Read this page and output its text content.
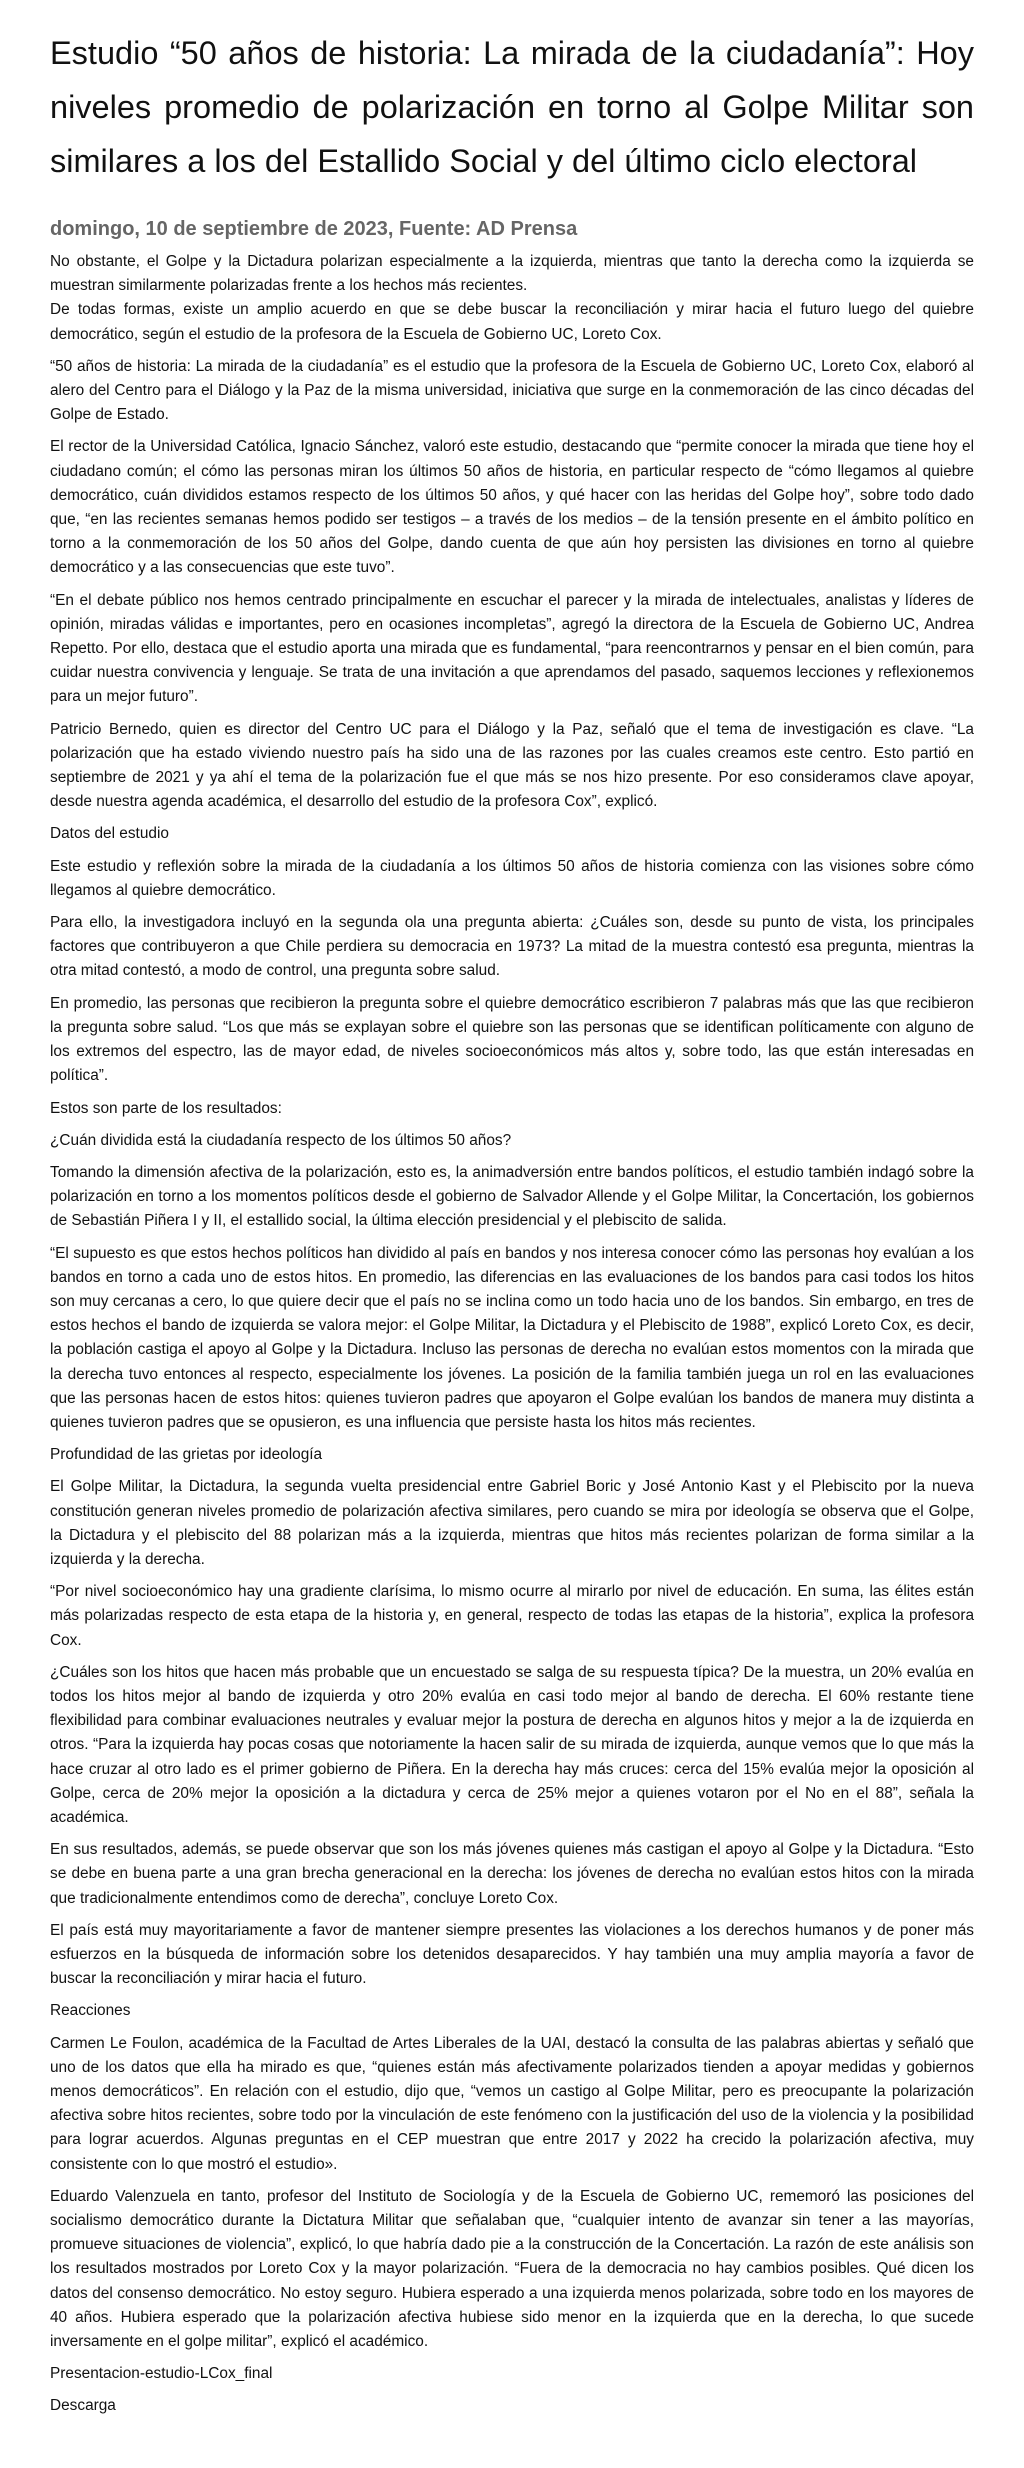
Estudio “50 años de historia: La mirada de la ciudadanía”: Hoy niveles promedio de polarización en torno al Golpe Militar son similares a los del Estallido Social y del último ciclo electoral
domingo, 10 de septiembre de 2023, Fuente: AD Prensa

No obstante, el Golpe y la Dictadura polarizan especialmente a la izquierda, mientras que tanto la derecha como la izquierda se muestran similarmente polarizadas frente a los hechos más recientes.

De todas formas, existe un amplio acuerdo en que se debe buscar la reconciliación y mirar hacia el futuro luego del quiebre democrático, según el estudio de la profesora de la Escuela de Gobierno UC, Loreto Cox.

“50 años de historia: La mirada de la ciudadanía” es el estudio que la profesora de la Escuela de Gobierno UC, Loreto Cox, elaboró al alero del Centro para el Diálogo y la Paz de la misma universidad, iniciativa que surge en la conmemoración de las cinco décadas del Golpe de Estado.

El rector de la Universidad Católica, Ignacio Sánchez, valoró este estudio, destacando que “permite conocer la mirada que tiene hoy el ciudadano común; el cómo las personas miran los últimos 50 años de historia, en particular respecto de “cómo llegamos al quiebre democrático, cuán divididos estamos respecto de los últimos 50 años, y qué hacer con las heridas del Golpe hoy”, sobre todo dado que, “en las recientes semanas hemos podido ser testigos – a través de los medios – de la tensión presente en el ámbito político en torno a la conmemoración de los 50 años del Golpe, dando cuenta de que aún hoy persisten las divisiones en torno al quiebre democrático y a las consecuencias que este tuvo”.

“En el debate público nos hemos centrado principalmente en escuchar el parecer y la mirada de intelectuales, analistas y líderes de opinión, miradas válidas e importantes, pero en ocasiones incompletas”, agregó la directora de la Escuela de Gobierno UC, Andrea Repetto. Por ello, destaca que el estudio aporta una mirada que es fundamental, “para reencontrarnos y pensar en el bien común, para cuidar nuestra convivencia y lenguaje. Se trata de una invitación a que aprendamos del pasado, saquemos lecciones y reflexionemos para un mejor futuro”.

Patricio Bernedo, quien es director del Centro UC para el Diálogo y la Paz, señaló que el tema de investigación es clave. “La polarización que ha estado viviendo nuestro país ha sido una de las razones por las cuales creamos este centro. Esto partió en septiembre de 2021 y ya ahí el tema de la polarización fue el que más se nos hizo presente. Por eso consideramos clave apoyar, desde nuestra agenda académica, el desarrollo del estudio de la profesora Cox”, explicó.

Datos del estudio

Este estudio y reflexión sobre la mirada de la ciudadanía a los últimos 50 años de historia comienza con las visiones sobre cómo llegamos al quiebre democrático.

Para ello, la investigadora incluyó en la segunda ola una pregunta abierta: ¿Cuáles son, desde su punto de vista, los principales factores que contribuyeron a que Chile perdiera su democracia en 1973? La mitad de la muestra contestó esa pregunta, mientras la otra mitad contestó, a modo de control, una pregunta sobre salud.

En promedio, las personas que recibieron la pregunta sobre el quiebre democrático escribieron 7 palabras más que las que recibieron la pregunta sobre salud. “Los que más se explayan sobre el quiebre son las personas que se identifican políticamente con alguno de los extremos del espectro, las de mayor edad, de niveles socioeconómicos más altos y, sobre todo, las que están interesadas en política”.

Estos son parte de los resultados:

¿Cuán dividida está la ciudadanía respecto de los últimos 50 años?

Tomando la dimensión afectiva de la polarización, esto es, la animadversión entre bandos políticos, el estudio también indagó sobre la polarización en torno a los momentos políticos desde el gobierno de Salvador Allende y el Golpe Militar, la Concertación, los gobiernos de Sebastián Piñera I y II, el estallido social, la última elección presidencial y el plebiscito de salida.

“El supuesto es que estos hechos políticos han dividido al país en bandos y nos interesa conocer cómo las personas hoy evalúan a los bandos en torno a cada uno de estos hitos. En promedio, las diferencias en las evaluaciones de los bandos para casi todos los hitos son muy cercanas a cero, lo que quiere decir que el país no se inclina como un todo hacia uno de los bandos. Sin embargo, en tres de estos hechos el bando de izquierda se valora mejor: el Golpe Militar, la Dictadura y el Plebiscito de 1988”, explicó Loreto Cox, es decir, la población castiga el apoyo al Golpe y la Dictadura. Incluso las personas de derecha no evalúan estos momentos con la mirada que la derecha tuvo entonces al respecto, especialmente los jóvenes. La posición de la familia también juega un rol en las evaluaciones que las personas hacen de estos hitos: quienes tuvieron padres que apoyaron el Golpe evalúan los bandos de manera muy distinta a quienes tuvieron padres que se opusieron, es una influencia que persiste hasta los hitos más recientes.

Profundidad de las grietas por ideología

El Golpe Militar, la Dictadura, la segunda vuelta presidencial entre Gabriel Boric y José Antonio Kast y el Plebiscito por la nueva constitución generan niveles promedio de polarización afectiva similares, pero cuando se mira por ideología se observa que el Golpe, la Dictadura y el plebiscito del 88 polarizan más a la izquierda, mientras que hitos más recientes polarizan de forma similar a la izquierda y la derecha.

“Por nivel socioeconómico hay una gradiente clarísima, lo mismo ocurre al mirarlo por nivel de educación. En suma, las élites están más polarizadas respecto de esta etapa de la historia y, en general, respecto de todas las etapas de la historia”, explica la profesora Cox.

¿Cuáles son los hitos que hacen más probable que un encuestado se salga de su respuesta típica? De la muestra, un 20% evalúa en todos los hitos mejor al bando de izquierda y otro 20% evalúa en casi todo mejor al bando de derecha. El 60% restante tiene flexibilidad para combinar evaluaciones neutrales y evaluar mejor la postura de derecha en algunos hitos y mejor a la de izquierda en otros. “Para la izquierda hay pocas cosas que notoriamente la hacen salir de su mirada de izquierda, aunque vemos que lo que más la hace cruzar al otro lado es el primer gobierno de Piñera. En la derecha hay más cruces: cerca del 15% evalúa mejor la oposición al Golpe, cerca de 20% mejor la oposición a la dictadura y cerca de 25% mejor a quienes votaron por el No en el 88”, señala la académica.

En sus resultados, además, se puede observar que son los más jóvenes quienes más castigan el apoyo al Golpe y la Dictadura. “Esto se debe en buena parte a una gran brecha generacional en la derecha: los jóvenes de derecha no evalúan estos hitos con la mirada que tradicionalmente entendimos como de derecha”, concluye Loreto Cox.

El país está muy mayoritariamente a favor de mantener siempre presentes las violaciones a los derechos humanos y de poner más esfuerzos en la búsqueda de información sobre los detenidos desaparecidos. Y hay también una muy amplia mayoría a favor de buscar la reconciliación y mirar hacia el futuro.

Reacciones

Carmen Le Foulon, académica de la Facultad de Artes Liberales de la UAI, destacó la consulta de las palabras abiertas y señaló que uno de los datos que ella ha mirado es que, “quienes están más afectivamente polarizados tienden a apoyar medidas y gobiernos menos democráticos”. En relación con el estudio, dijo que, “vemos un castigo al Golpe Militar, pero es preocupante la polarización afectiva sobre hitos recientes, sobre todo por la vinculación de este fenómeno con la justificación del uso de la violencia y la posibilidad para lograr acuerdos. Algunas preguntas en el CEP muestran que entre 2017 y 2022 ha crecido la polarización afectiva, muy consistente con lo que mostró el estudio».

Eduardo Valenzuela en tanto, profesor del Instituto de Sociología y de la Escuela de Gobierno UC, rememoró las posiciones del socialismo democrático durante la Dictatura Militar que señalaban que, “cualquier intento de avanzar sin tener a las mayorías, promueve situaciones de violencia”, explicó, lo que habría dado pie a la construcción de la Concertación. La razón de este análisis son los resultados mostrados por Loreto Cox y la mayor polarización. “Fuera de la democracia no hay cambios posibles. Qué dicen los datos del consenso democrático. No estoy seguro. Hubiera esperado a una izquierda menos polarizada, sobre todo en los mayores de 40 años. Hubiera esperado que la polarización afectiva hubiese sido menor en la izquierda que en la derecha, lo que sucede inversamente en el golpe militar”, explicó el académico.

Presentacion-estudio-LCox_final

Descarga
